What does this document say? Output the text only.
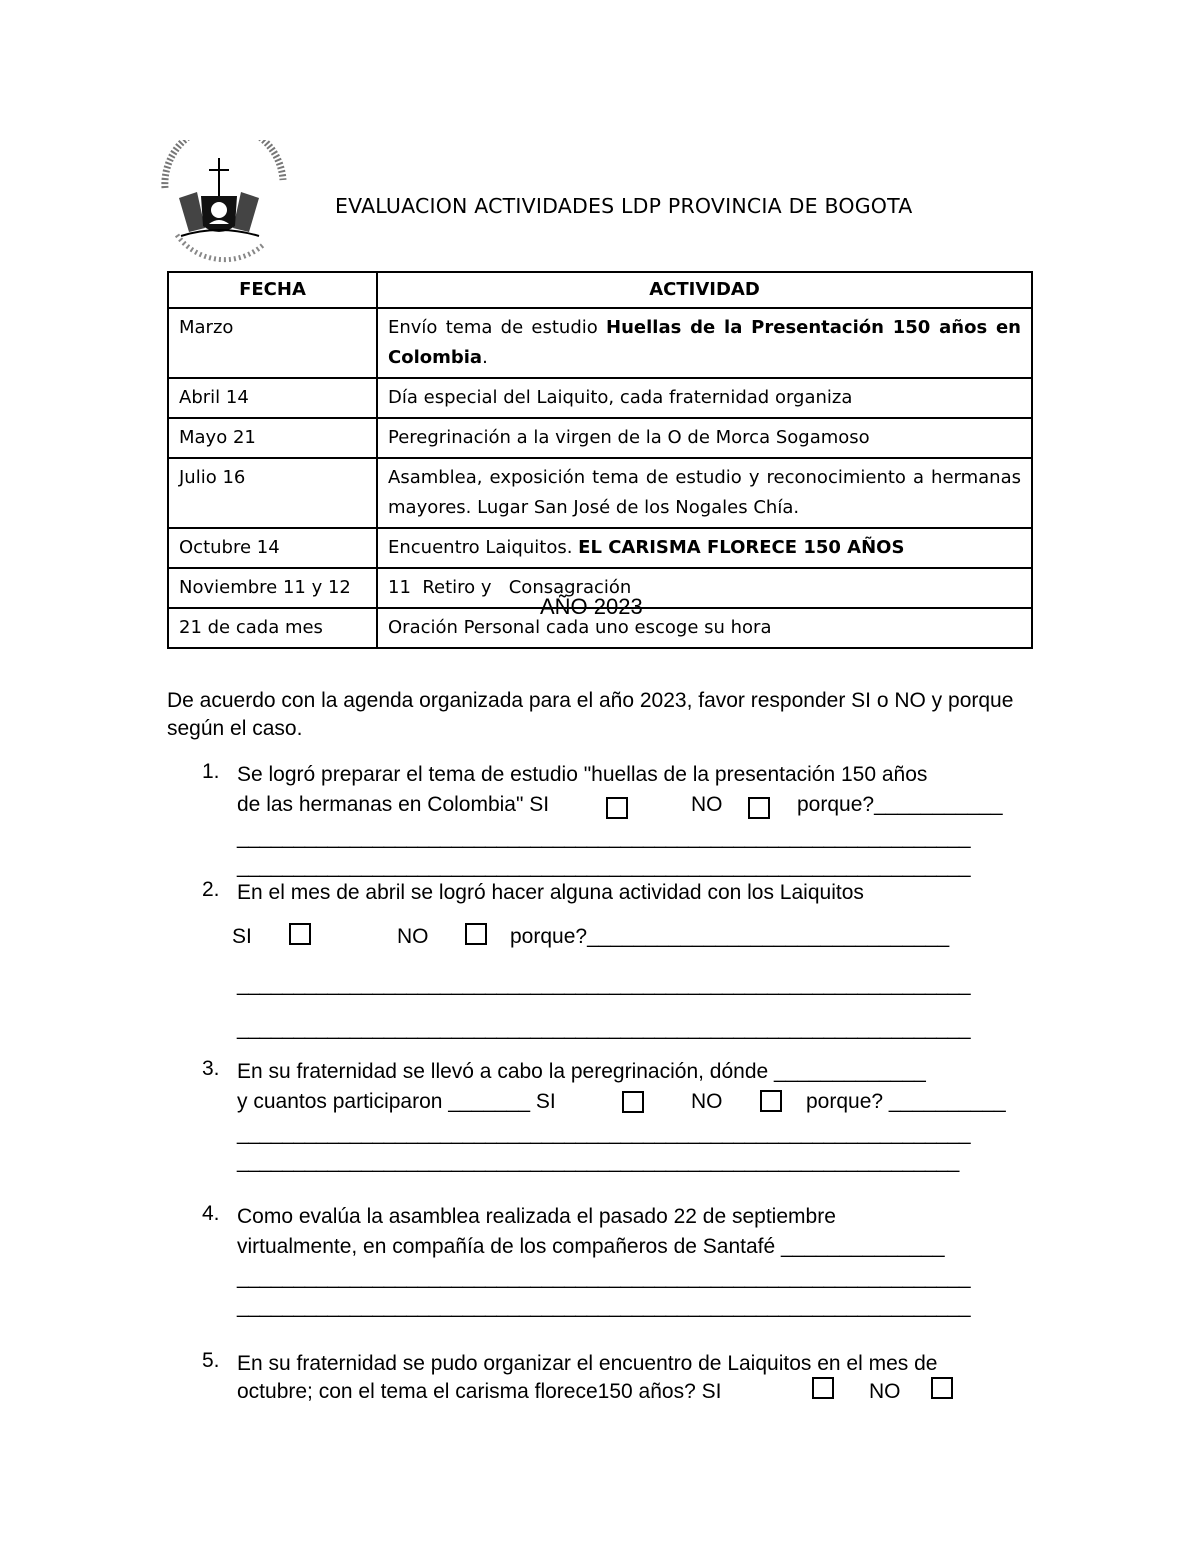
EVALUACION ACTIVIDADES LDP PROVINCIA DE BOGOTA
FECHA	ACTIVIDAD
Marzo	Envío tema de estudio Huellas de la Presentación 150 años en Colombia.
Abril 14	Día especial del Laiquito, cada fraternidad organiza
Mayo 21	Peregrinación a la virgen de la O de Morca Sogamoso
Julio 16	Asamblea, exposición tema de estudio y reconocimiento a hermanas mayores. Lugar San José de los Nogales Chía.
Octubre 14	Encuentro Laiquitos. EL CARISMA FLORECE 150 AÑOS
Noviembre 11 y 12	11  Retiro y   Consagración
21 de cada mes	Oración Personal cada uno escoge su hora
AÑO 2023
De acuerdo con la agenda organizada para el año 2023, favor responder SI o NO y porque según el caso.
1. Se logró preparar el tema de estudio "huellas de la presentación 150 años
de las hermanas en Colombia" SI	NO	porque?___________
_________________________________________________________________
_________________________________________________________________
2. En el mes de abril se logró hacer alguna actividad con los Laiquitos
SI	NO	porque?_______________________________
_________________________________________________________________
_________________________________________________________________
3. En su fraternidad se llevó a cabo la peregrinación, dónde _____________
y cuantos participaron _______ SI	NO	porque? __________
_________________________________________________________________
________________________________________________________________
4. Como evalúa la asamblea realizada el pasado 22 de septiembre
virtualmente, en compañía de los compañeros de Santafé ______________
_________________________________________________________________
_________________________________________________________________
5. En su fraternidad se pudo organizar el encuentro de Laiquitos en el mes de
octubre; con el tema el carisma florece150 años? SI	NO
